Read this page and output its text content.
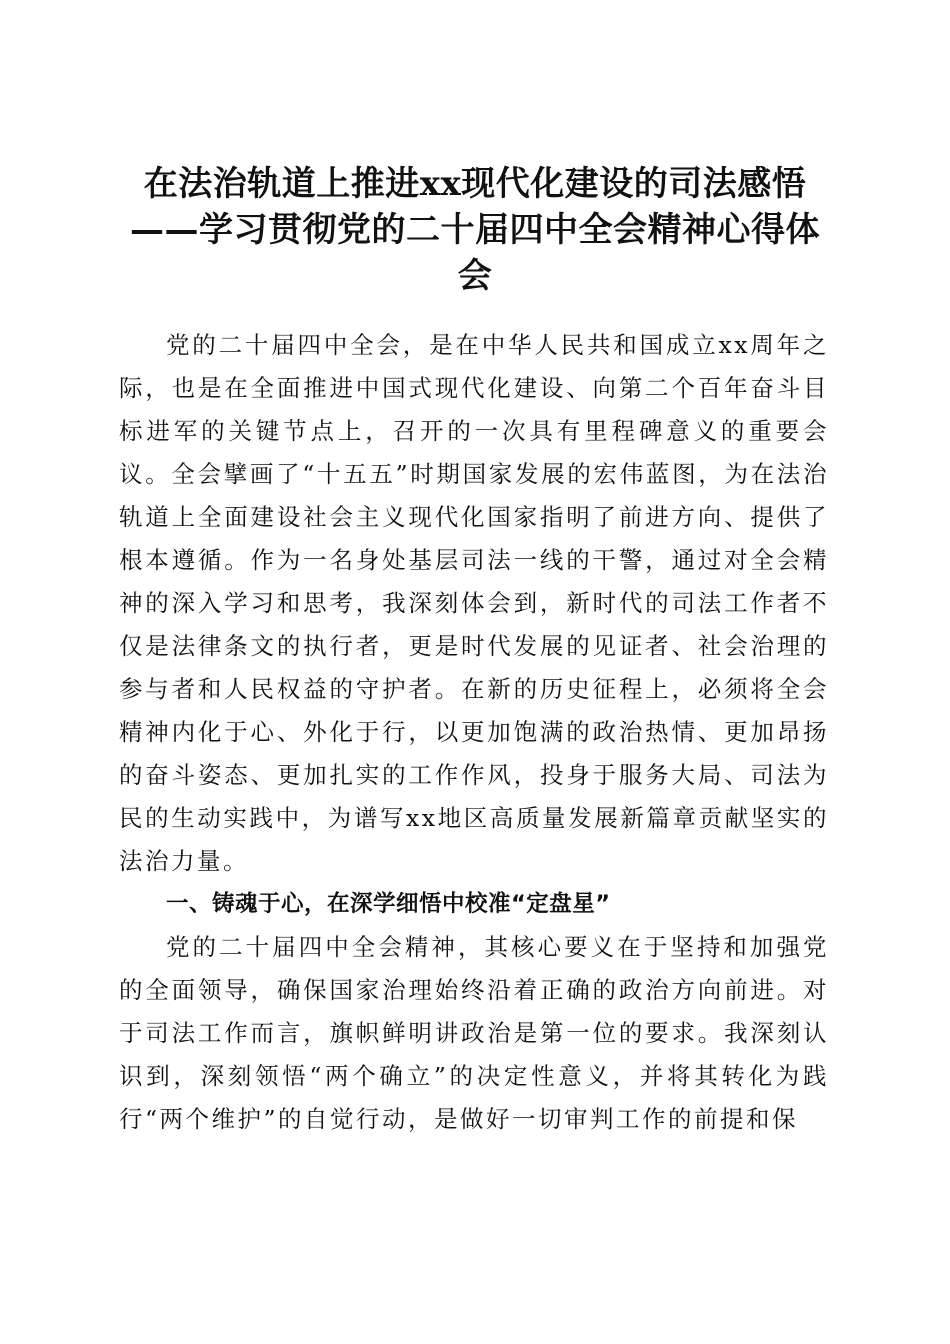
在法治轨道上推进xx现代化建设的司法感悟
——学习贯彻党的二十届四中全会精神心得体
会

党的二十届四中全会，是在中华人民共和国成立xx周年之际，也是在全面推进中国式现代化建设、向第二个百年奋斗目标进军的关键节点上，召开的一次具有里程碑意义的重要会议。全会擘画了“十五五”时期国家发展的宏伟蓝图，为在法治轨道上全面建设社会主义现代化国家指明了前进方向、提供了根本遵循。作为一名身处基层司法一线的干警，通过对全会精神的深入学习和思考，我深刻体会到，新时代的司法工作者不仅是法律条文的执行者，更是时代发展的见证者、社会治理的参与者和人民权益的守护者。在新的历史征程上，必须将全会精神内化于心、外化于行，以更加饱满的政治热情、更加昂扬的奋斗姿态、更加扎实的工作作风，投身于服务大局、司法为民的生动实践中，为谱写xx地区高质量发展新篇章贡献坚实的法治力量。

一、铸魂于心，在深学细悟中校准“定盘星”

党的二十届四中全会精神，其核心要义在于坚持和加强党的全面领导，确保国家治理始终沿着正确的政治方向前进。对于司法工作而言，旗帜鲜明讲政治是第一位的要求。我深刻认识到，深刻领悟“两个确立”的决定性意义，并将其转化为践行“两个维护”的自觉行动，是做好一切审判工作的前提和保
